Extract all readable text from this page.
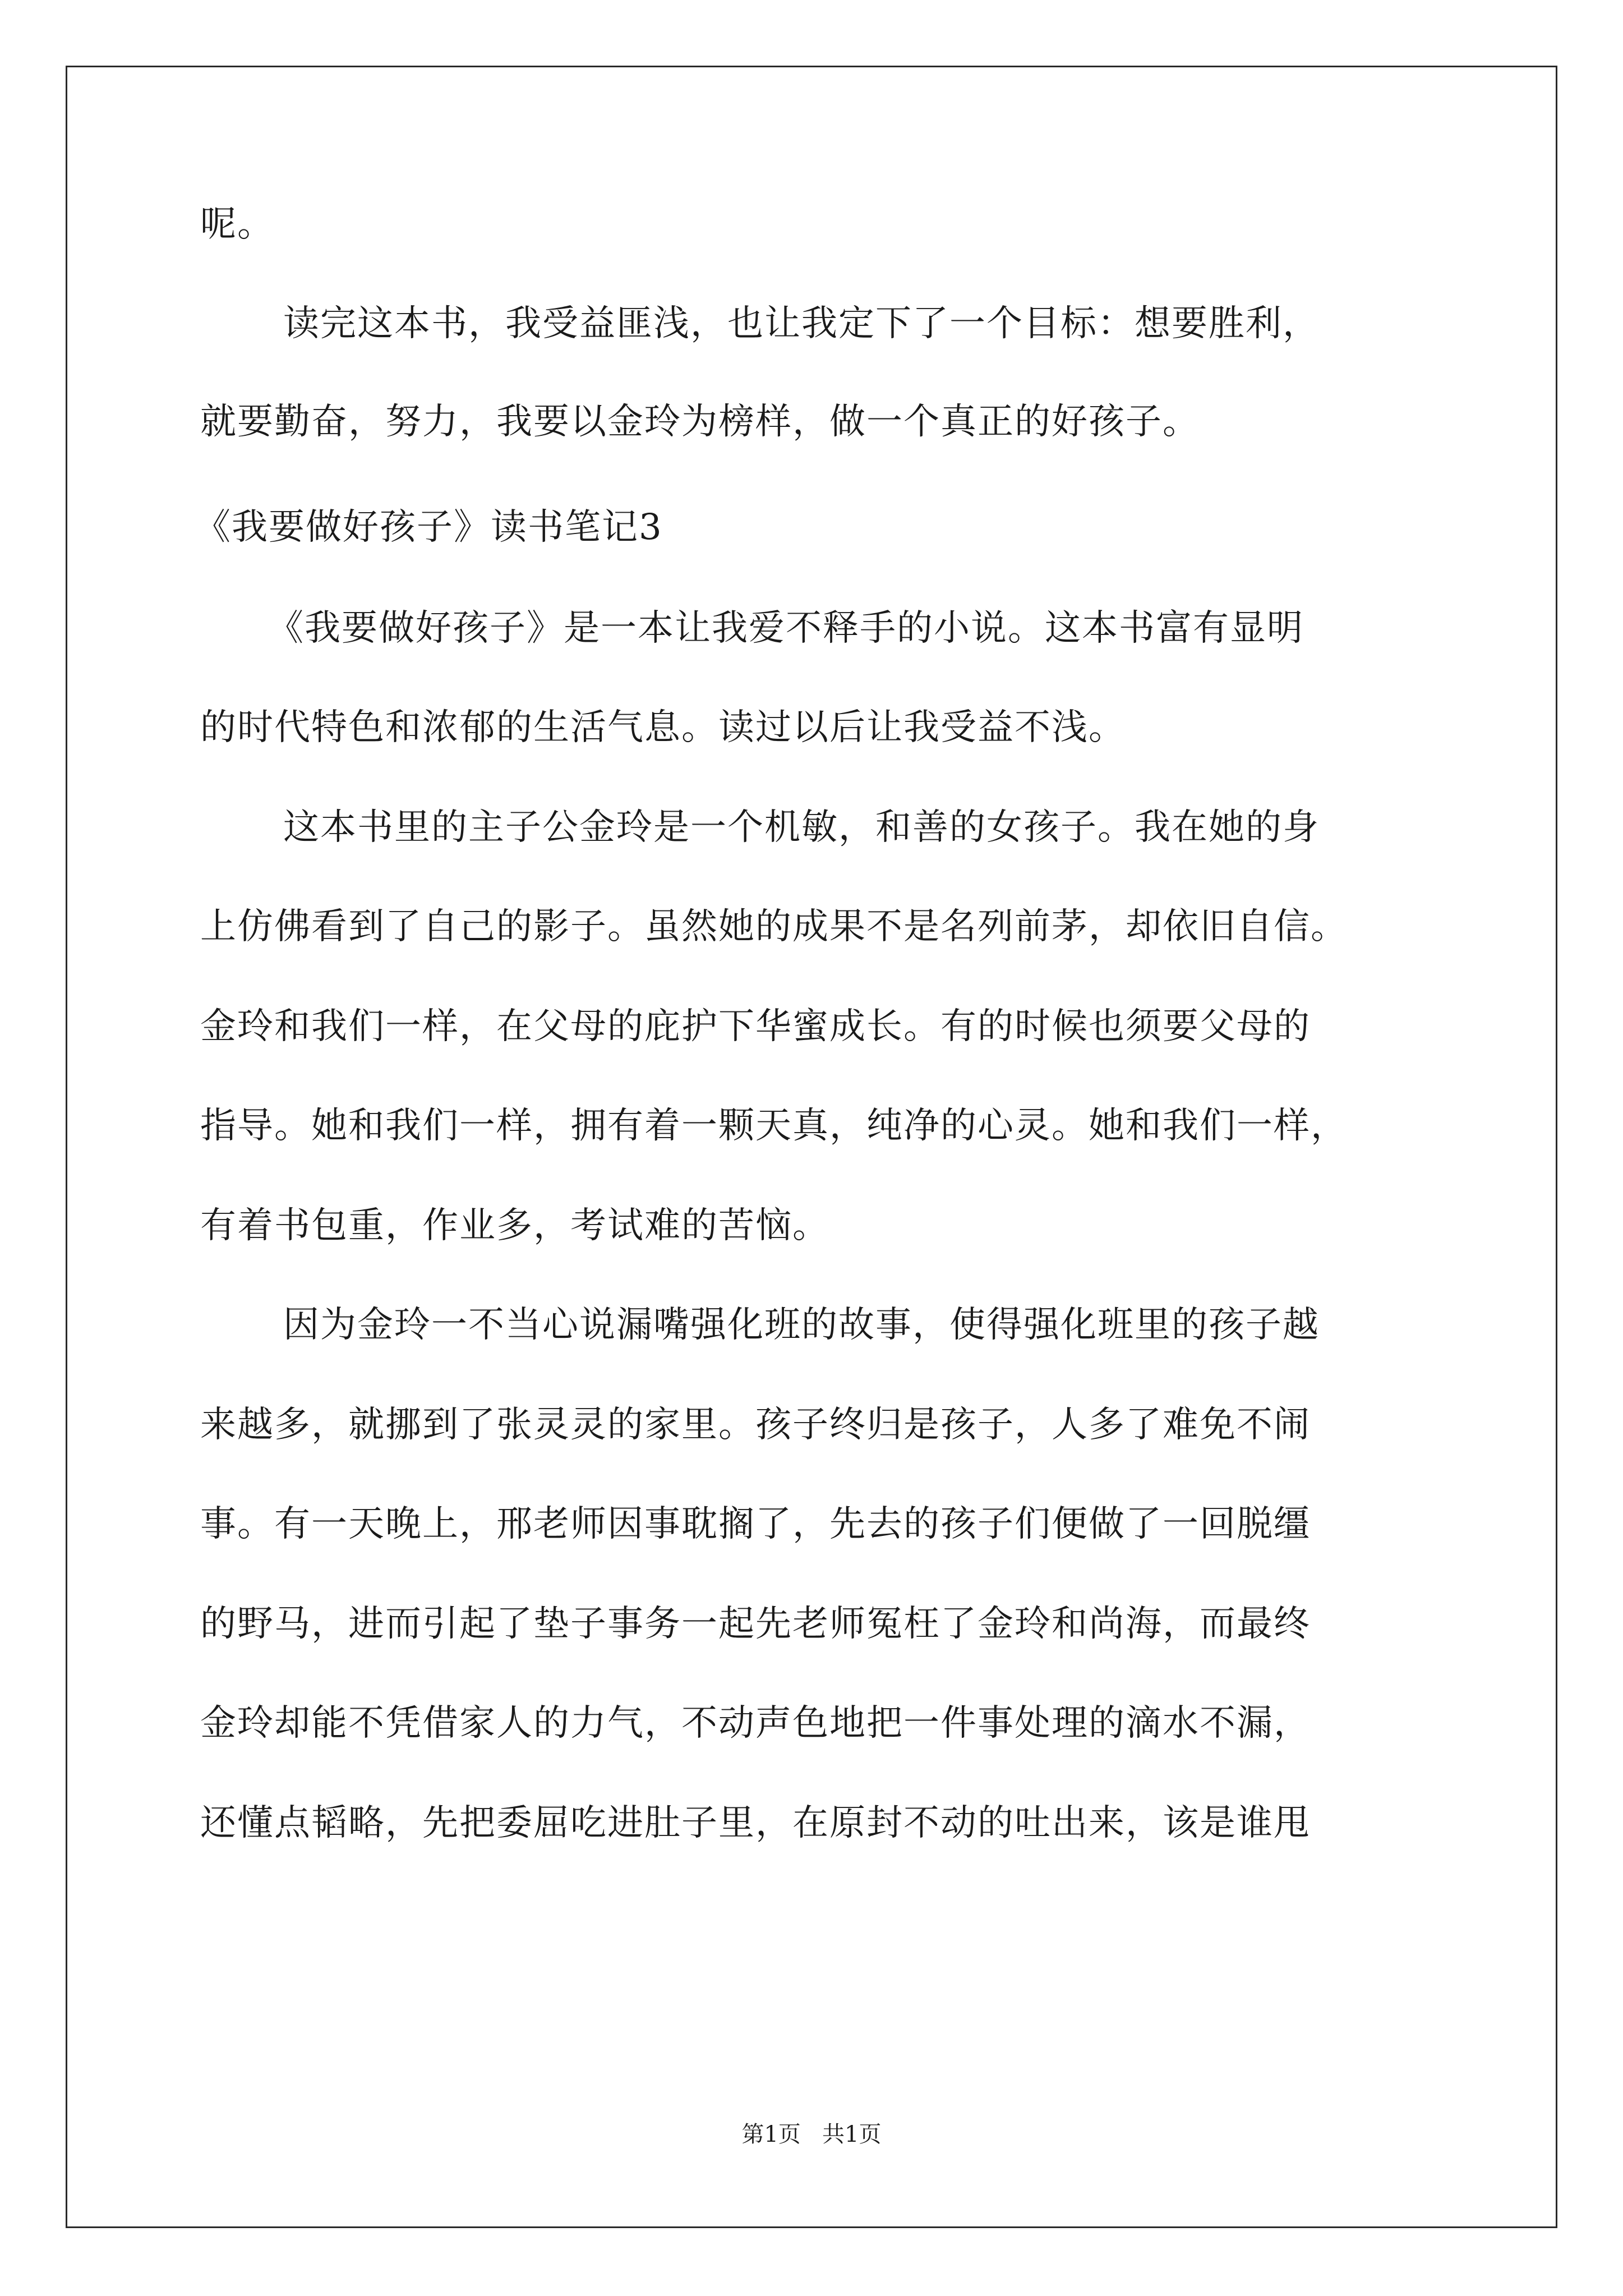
呢。
读完这本书，我受益匪浅，也让我定下了一个目标：想要胜利，
就要勤奋，努力，我要以金玲为榜样，做一个真正的好孩子。
《我要做好孩子》读书笔记3
《我要做好孩子》是一本让我爱不释手的小说。这本书富有显明
的时代特色和浓郁的生活气息。读过以后让我受益不浅。
这本书里的主子公金玲是一个机敏，和善的女孩子。我在她的身
上仿佛看到了自己的影子。虽然她的成果不是名列前茅，却依旧自信。
金玲和我们一样，在父母的庇护下华蜜成长。有的时候也须要父母的
指导。她和我们一样，拥有着一颗天真，纯净的心灵。她和我们一样，
有着书包重，作业多，考试难的苦恼。
因为金玲一不当心说漏嘴强化班的故事，使得强化班里的孩子越
来越多，就挪到了张灵灵的家里。孩子终归是孩子，人多了难免不闹
事。有一天晚上，邢老师因事耽搁了，先去的孩子们便做了一回脱缰
的野马，进而引起了垫子事务一起先老师冤枉了金玲和尚海，而最终
金玲却能不凭借家人的力气，不动声色地把一件事处理的滴水不漏，
还懂点韬略，先把委屈吃进肚子里，在原封不动的吐出来，该是谁甩
第1页   共1页
